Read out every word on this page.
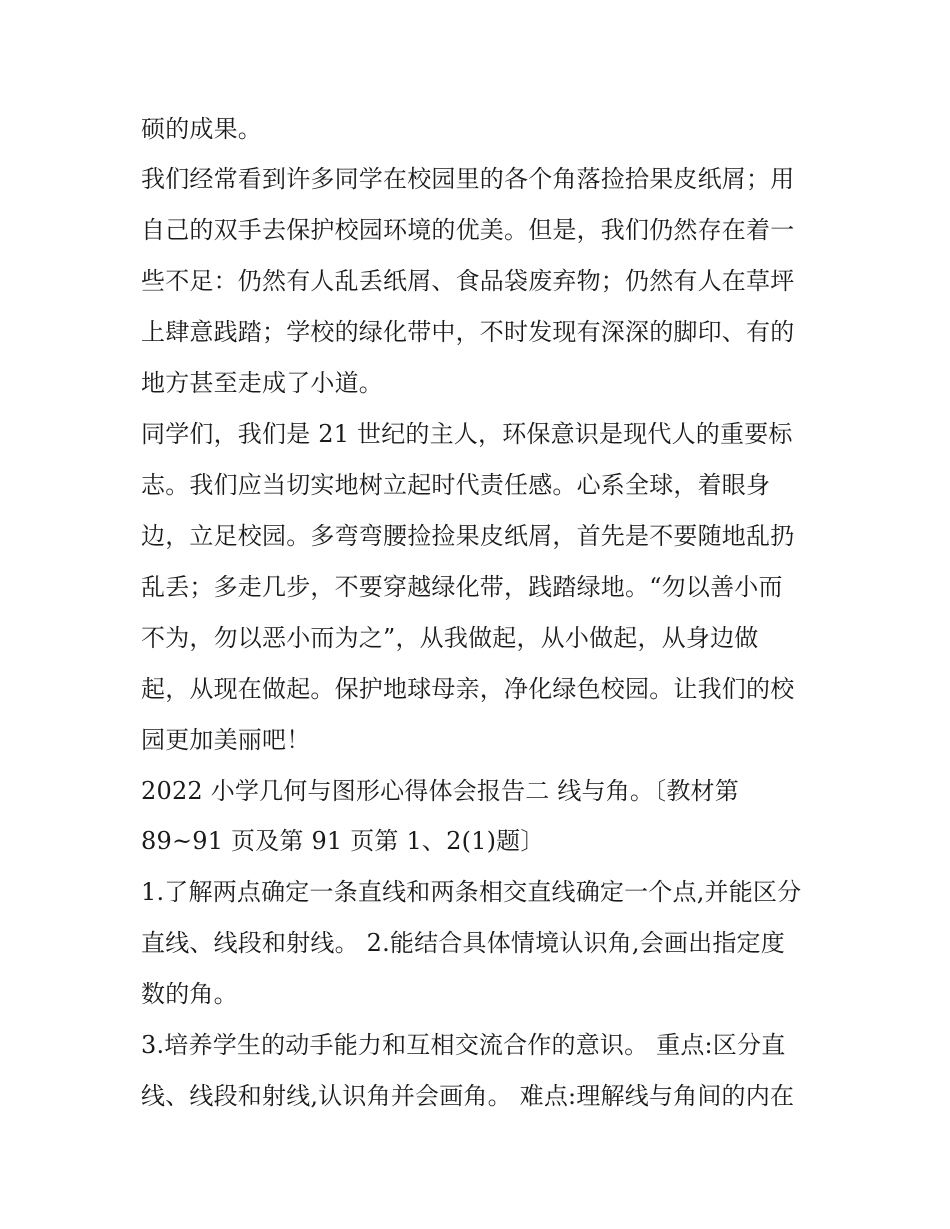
硕的成果。
我们经常看到许多同学在校园里的各个角落捡拾果皮纸屑；用
自己的双手去保护校园环境的优美。但是，我们仍然存在着一
些不足：仍然有人乱丢纸屑、食品袋废弃物；仍然有人在草坪
上肆意践踏；学校的绿化带中，不时发现有深深的脚印、有的
地方甚至走成了小道。
同学们，我们是 21 世纪的主人，环保意识是现代人的重要标
志。我们应当切实地树立起时代责任感。心系全球，着眼身
边，立足校园。多弯弯腰捡捡果皮纸屑，首先是不要随地乱扔
乱丢；多走几步，不要穿越绿化带，践踏绿地。“勿以善小而
不为，勿以恶小而为之”，从我做起，从小做起，从身边做
起，从现在做起。保护地球母亲，净化绿色校园。让我们的校
园更加美丽吧！
2022 小学几何与图形心得体会报告二 线与角。〔教材第
89~91 页及第 91 页第 1、2(1)题〕
1.了解两点确定一条直线和两条相交直线确定一个点,并能区分
直线、线段和射线。 2.能结合具体情境认识角,会画出指定度
数的角。
3.培养学生的动手能力和互相交流合作的意识。 重点:区分直
线、线段和射线,认识角并会画角。 难点:理解线与角间的内在
